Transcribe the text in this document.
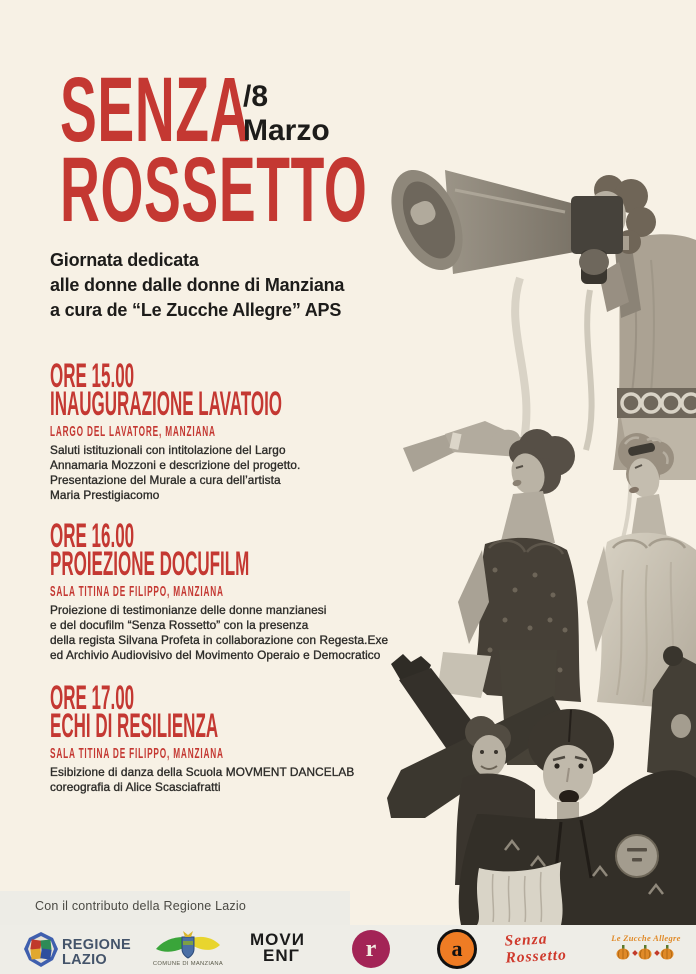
SENZA
/8
Marzo
ROSSETTO
Giornata dedicata
alle donne dalle donne di Manziana
a cura de “Le Zucche Allegre” APS
ORE 15.00
INAUGURAZIONE LAVATOIO
LARGO DEL LAVATORE, MANZIANA
Saluti istituzionali con intitolazione del Largo
Annamaria Mozzoni e descrizione del progetto.
Presentazione del Murale a cura dell’artista
Maria Prestigiacomo
ORE 16.00
PROIEZIONE DOCUFILM
SALA TITINA DE FILIPPO, MANZIANA
Proiezione di testimonianze delle donne manzianesi
e del docufilm “Senza Rossetto” con la presenza
della regista Silvana Profeta in collaborazione con Regesta.Exe
ed Archivio Audiovisivo del Movimento Operaio e Democratico
ORE 17.00
ECHI DI RESILIENZA
SALA TITINA DE FILIPPO, MANZIANA
Esibizione di danza della Scuola MOVMENT DANCELAB
coreografia di Alice Scasciafratti
Con il contributo della Regione Lazio
REGIONE
LAZIO	COMUNE DI MANZIANA
MOVИ
ENΓ	r	a	Senza
Rossetto
Le Zucche Allegre
